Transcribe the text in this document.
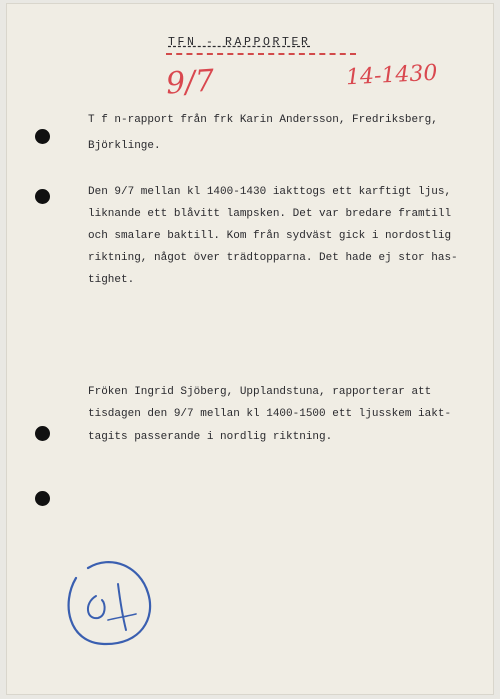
TFN - RAPPORTER
9/7	14-1430
T f n-rapport från frk Karin Andersson, Fredriksberg,
Björklinge.
Den 9/7 mellan kl 1400-1430 iakttogs ett karftigt ljus,
liknande ett blåvitt lampsken. Det var bredare framtill
och smalare baktill. Kom från sydväst gick i nordostlig
riktning, något över trädtopparna. Det hade ej stor has-
tighet.
Fröken Ingrid Sjöberg, Upplandstuna, rapporterar att
tisdagen den 9/7 mellan kl 1400-1500 ett ljusskem iakt-
tagits passerande i nordlig riktning.
